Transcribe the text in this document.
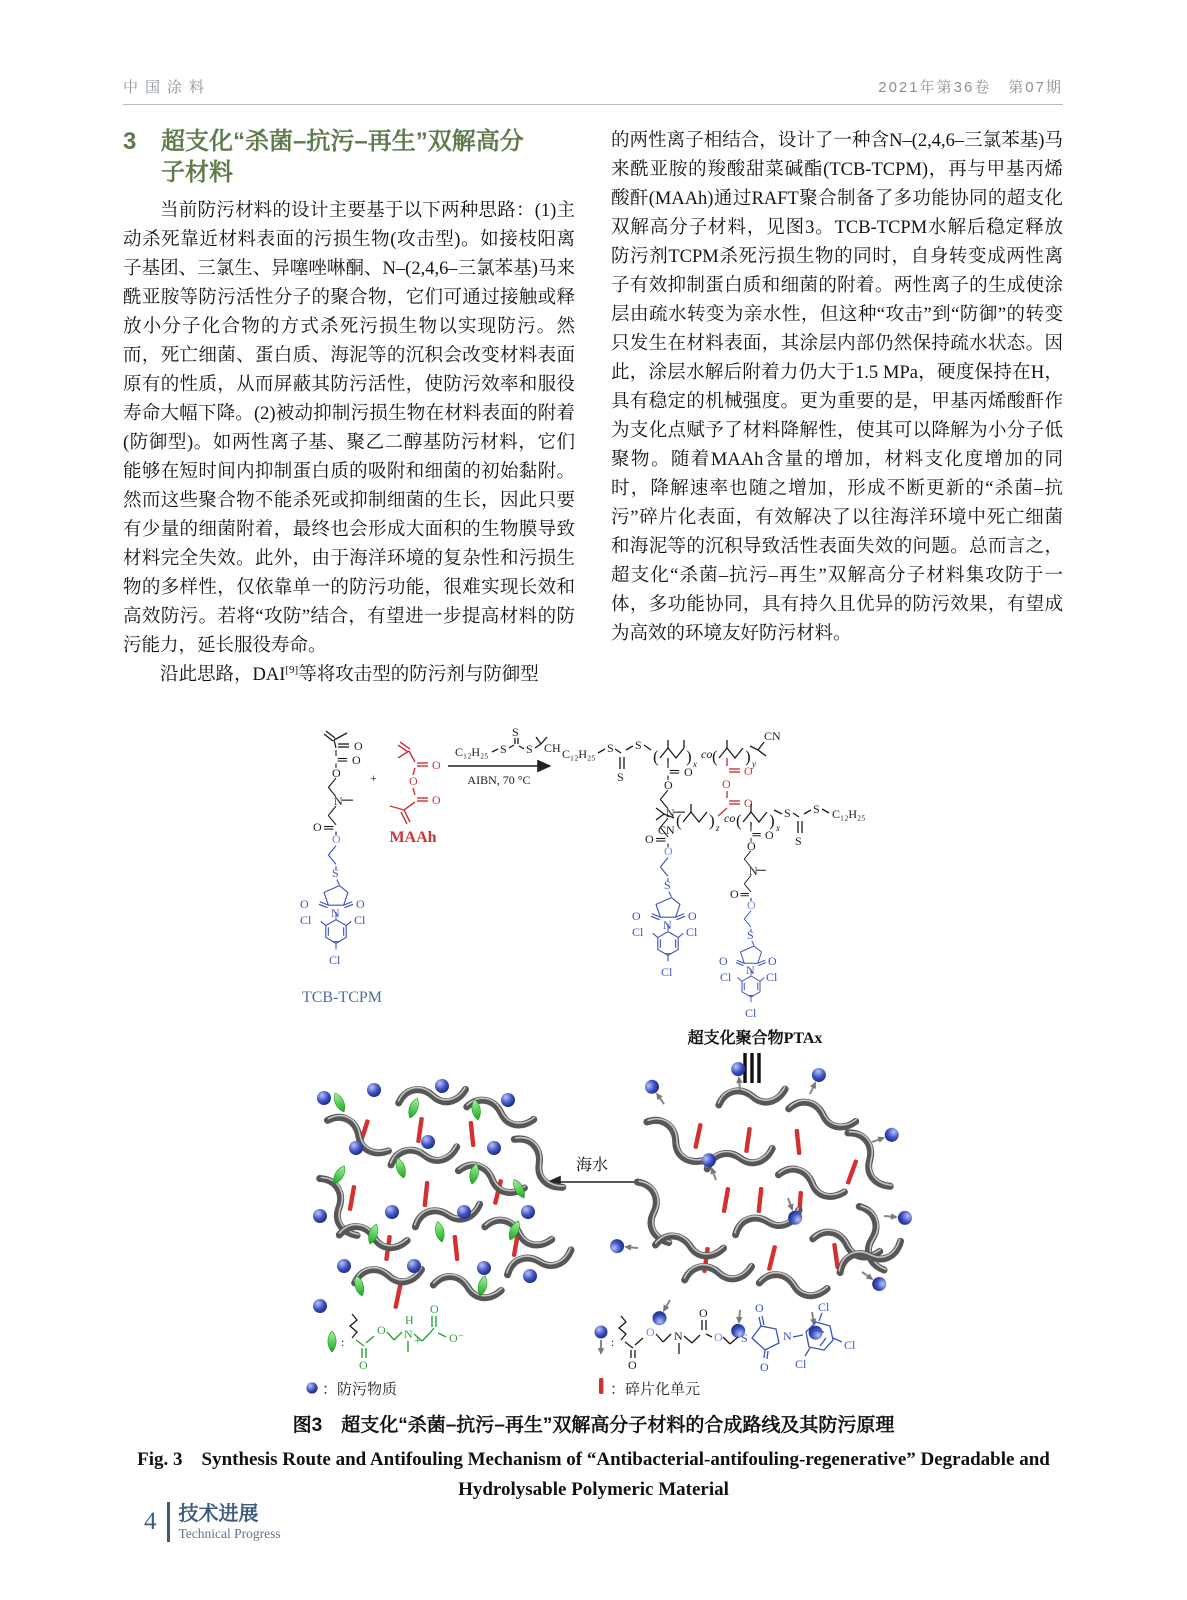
中国涂料	2021年第36卷　第07期
3	超支化“杀菌–抗污–再生”双解高分
子材料

当前防污材料的设计主要基于以下两种思路：(1)主动杀死靠近材料表面的污损生物(攻击型)。如接枝阳离子基团、三氯生、异噻唑啉酮、N–(2,4,6–三氯苯基)马来酰亚胺等防污活性分子的聚合物，它们可通过接触或释放小分子化合物的方式杀死污损生物以实现防污。然而，死亡细菌、蛋白质、海泥等的沉积会改变材料表面原有的性质，从而屏蔽其防污活性，使防污效率和服役寿命大幅下降。(2)被动抑制污损生物在材料表面的附着(防御型)。如两性离子基、聚乙二醇基防污材料，它们能够在短时间内抑制蛋白质的吸附和细菌的初始黏附。然而这些聚合物不能杀死或抑制细菌的生长，因此只要有少量的细菌附着，最终也会形成大面积的生物膜导致材料完全失效。此外，由于海洋环境的复杂性和污损生物的多样性，仅依靠单一的防污功能，很难实现长效和高效防污。若将“攻防”结合，有望进一步提高材料的防污能力，延长服役寿命。

沿此思路，DAI[9]等将攻击型的防污剂与防御型

的两性离子相结合，设计了一种含N–(2,4,6–三氯苯基)马来酰亚胺的羧酸甜菜碱酯(TCB-TCPM)，再与甲基丙烯酸酐(MAAh)通过RAFT聚合制备了多功能协同的超支化双解高分子材料，见图3。TCB-TCPM水解后稳定释放防污剂TCPM杀死污损生物的同时，自身转变成两性离子有效抑制蛋白质和细菌的附着。两性离子的生成使涂层由疏水转变为亲水性，但这种“攻击”到“防御”的转变只发生在材料表面，其涂层内部仍然保持疏水状态。因此，涂层水解后附着力仍大于1.5 MPa，硬度保持在H，具有稳定的机械强度。更为重要的是，甲基丙烯酸酐作为支化点赋予了材料降解性，使其可以降解为小分子低聚物。随着MAAh含量的增加，材料支化度增加的同时，降解速率也随之增加，形成不断更新的“杀菌–抗污”碎片化表面，有效解决了以往海洋环境中死亡细菌和海泥等的沉积导致活性表面失效的问题。总而言之，超支化“杀菌–抗污–再生”双解高分子材料集攻防于一体，多功能协同，具有持久且优异的防污效果，有望成为高效的环境友好防污材料。

O
O
O
N
O
O
S
O
O
N
Cl	Cl
Cl
TCB-TCPM
+
O
O
O
MAAh
C₁₂H₂₅ S
S
S CH
AIBN, 70 °C
C₁₂H₂₅ S
S
S
( ) x
co ( ) y
CN
O
O
N
O
O
S
O
O
N
Cl	Cl
Cl
O
O
O
CN ( ) z
co ( ) x
S
S
S C₁₂H₂₅
O
O
N
O
O
S
O
O
N
Cl	Cl
Cl
超支化聚合物PTAx
海水
:
O
O N
H
+
O
O⁻
：防污物质
:
O
O N
O
O S
O
O
N
Cl
Cl
Cl
：碎片化单元
图3　超支化“杀菌–抗污–再生”双解高分子材料的合成路线及其防污原理
Fig. 3　Synthesis Route and Antifouling Mechanism of “Antibacterial-antifouling-regenerative” Degradable and
Hydrolysable Polymeric Material
4 技术进展
Technical Progress
